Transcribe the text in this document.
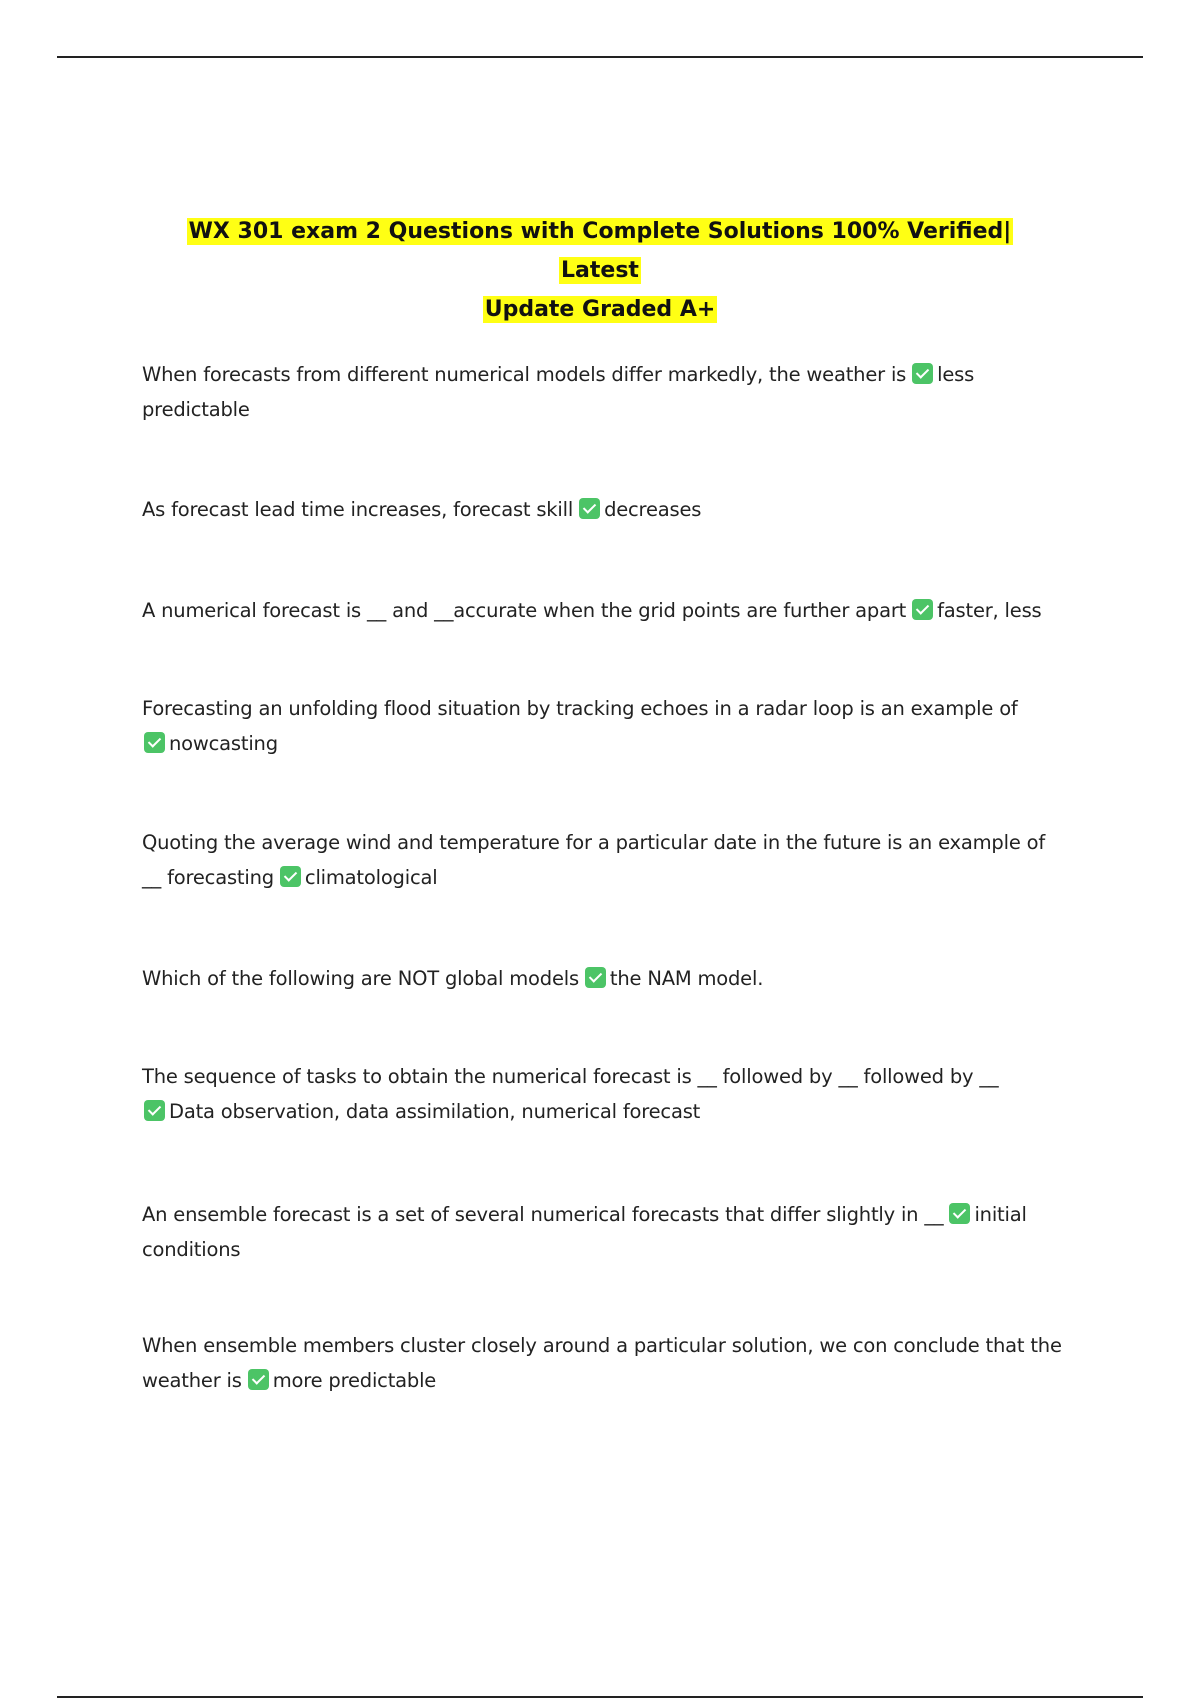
WX 301 exam 2 Questions with Complete Solutions 100% Verified| Latest
Update Graded A+
When forecasts from different numerical models differ markedly, the weather is less
predictable
As forecast lead time increases, forecast skill decreases
A numerical forecast is __ and __accurate when the grid points are further apart faster, less
Forecasting an unfolding flood situation by tracking echoes in a radar loop is an example of
nowcasting
Quoting the average wind and temperature for a particular date in the future is an example of
__ forecasting climatological
Which of the following are NOT global models the NAM model.
The sequence of tasks to obtain the numerical forecast is __ followed by __ followed by __
Data observation, data assimilation, numerical forecast
An ensemble forecast is a set of several numerical forecasts that differ slightly in __ initial
conditions
When ensemble members cluster closely around a particular solution, we con conclude that the
weather is more predictable
